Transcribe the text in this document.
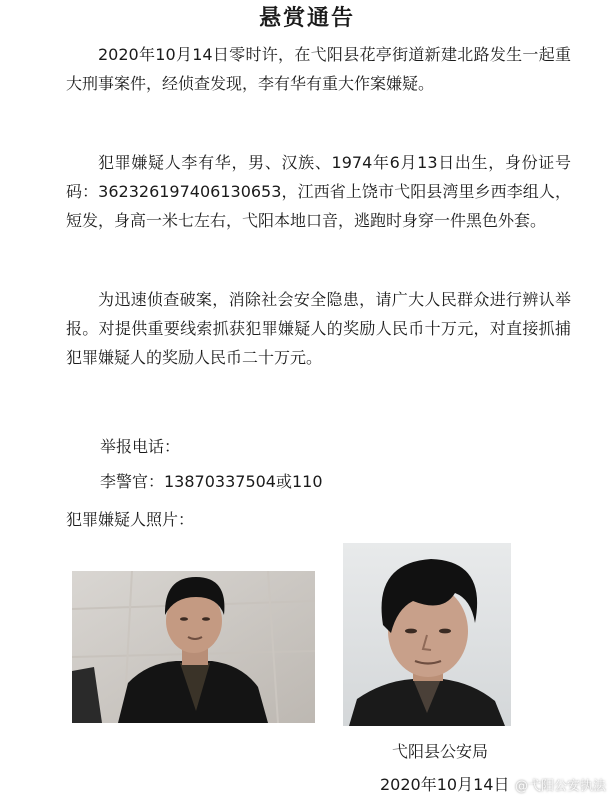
悬赏通告

2020年10月14日零时许，在弋阳县花亭街道新建北路发生一起重大刑事案件，经侦查发现，李有华有重大作案嫌疑。

犯罪嫌疑人李有华，男、汉族、1974年6月13日出生，身份证号码：362326197406130653，江西省上饶市弋阳县湾里乡西李组人，短发，身高一米七左右，弋阳本地口音，逃跑时身穿一件黑色外套。

为迅速侦查破案，消除社会安全隐患，请广大人民群众进行辨认举报。对提供重要线索抓获犯罪嫌疑人的奖励人民币十万元，对直接抓捕犯罪嫌疑人的奖励人民币二十万元。

举报电话：

李警官：13870337504或110

犯罪嫌疑人照片：

弋阳县公安局

2020年10月14日 @弋阳公安执法
